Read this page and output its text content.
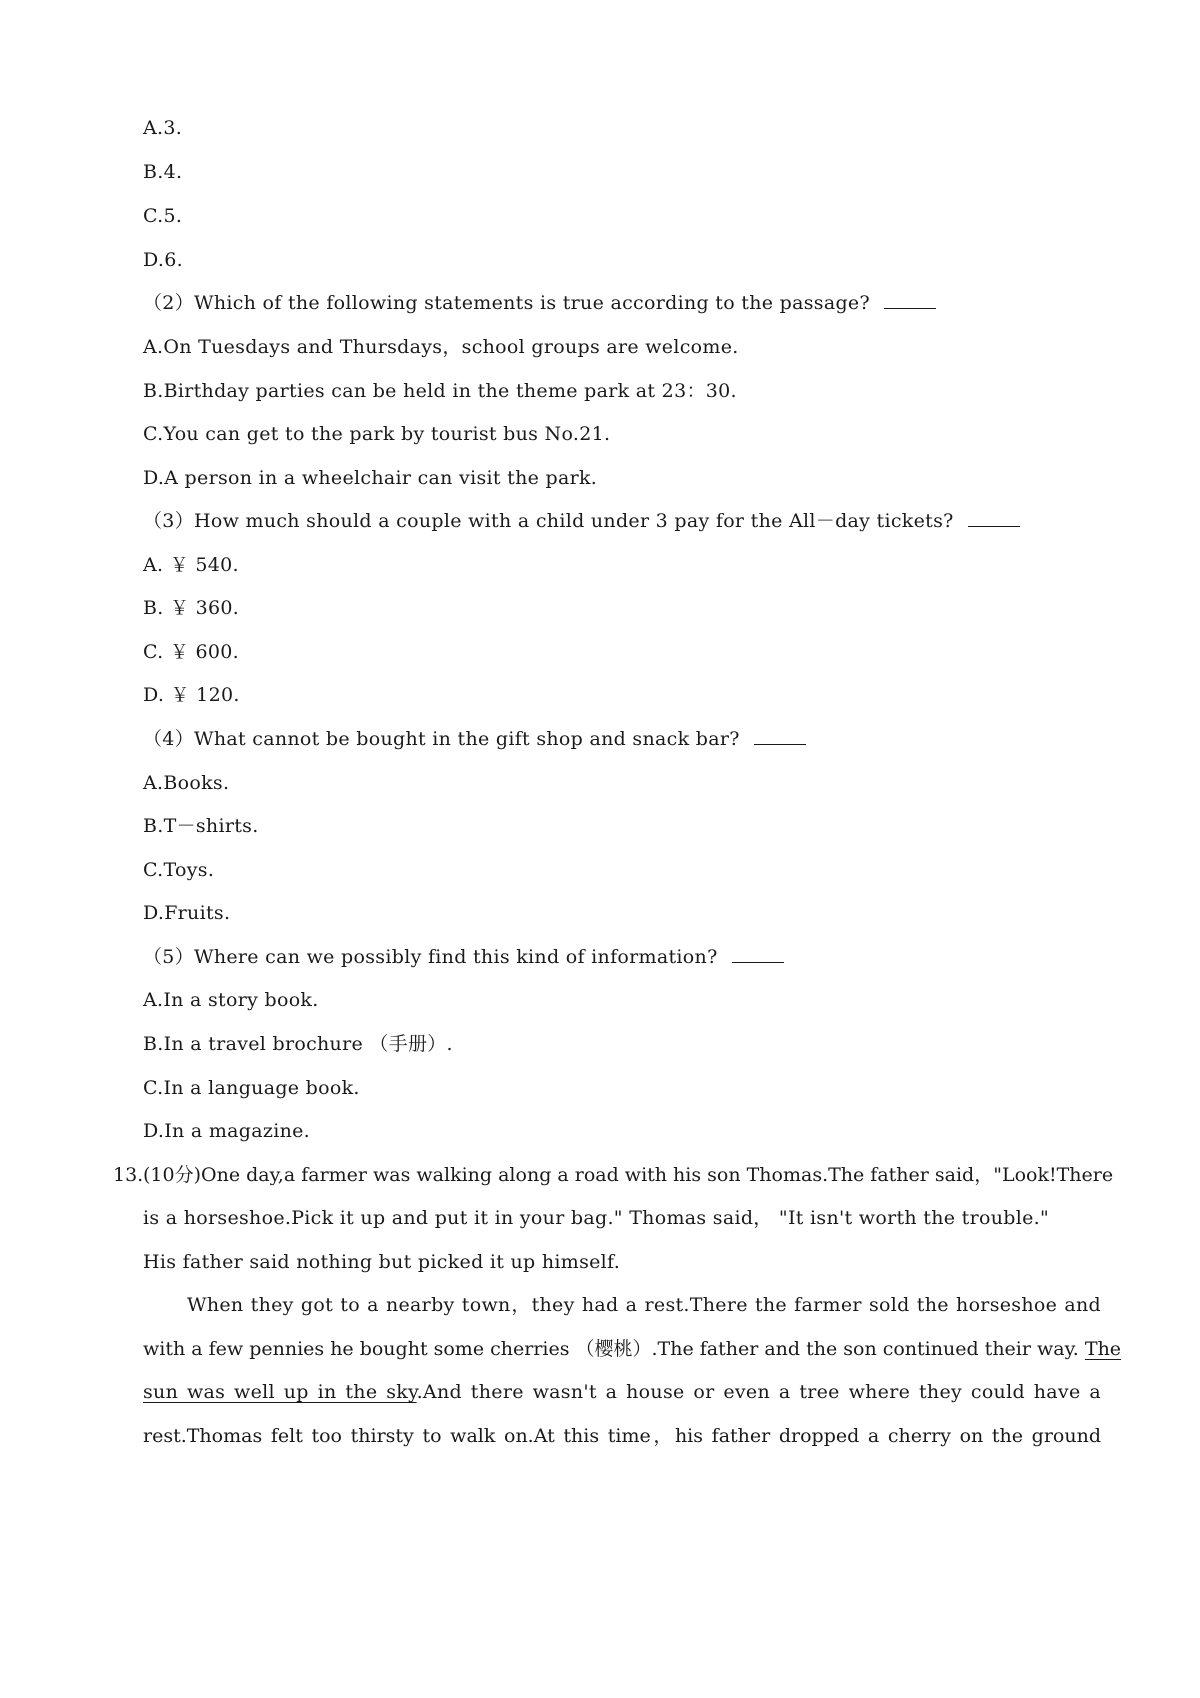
A.3.
B.4.
C.5.
D.6.
（2）Which of the following statements is true according to the passage?
A.On Tuesdays and Thursdays，school groups are welcome.
B.Birthday parties can be held in the theme park at 23：30.
C.You can get to the park by tourist bus No.21.
D.A person in a wheelchair can visit the park.
（3）How much should a couple with a child under 3 pay for the All－day tickets?
A. ￥ 540.
B. ￥ 360.
C. ￥ 600.
D. ￥ 120.
（4）What cannot be bought in the gift shop and snack bar?
A.Books.
B.T－shirts.
C.Toys.
D.Fruits.
（5）Where can we possibly find this kind of information?
A.In a story book.
B.In a travel brochure （手册）.
C.In a language book.
D.In a magazine.
13. (10分)One day,a farmer was walking along a road with his son Thomas.The father said，"Look!There
is a horseshoe.Pick it up and put it in your bag." Thomas said， "It isn't worth the trouble."
His father said nothing but picked it up himself.
When they got to a nearby town，they had a rest.There the farmer sold the horseshoe and
with a few pennies he bought some cherries （樱桃）.The father and the son continued their way. The
sun was well up in the sky.And there wasn't a house or even a tree where they could have a
rest.Thomas felt too thirsty to walk on.At this time，his father dropped a cherry on the ground
